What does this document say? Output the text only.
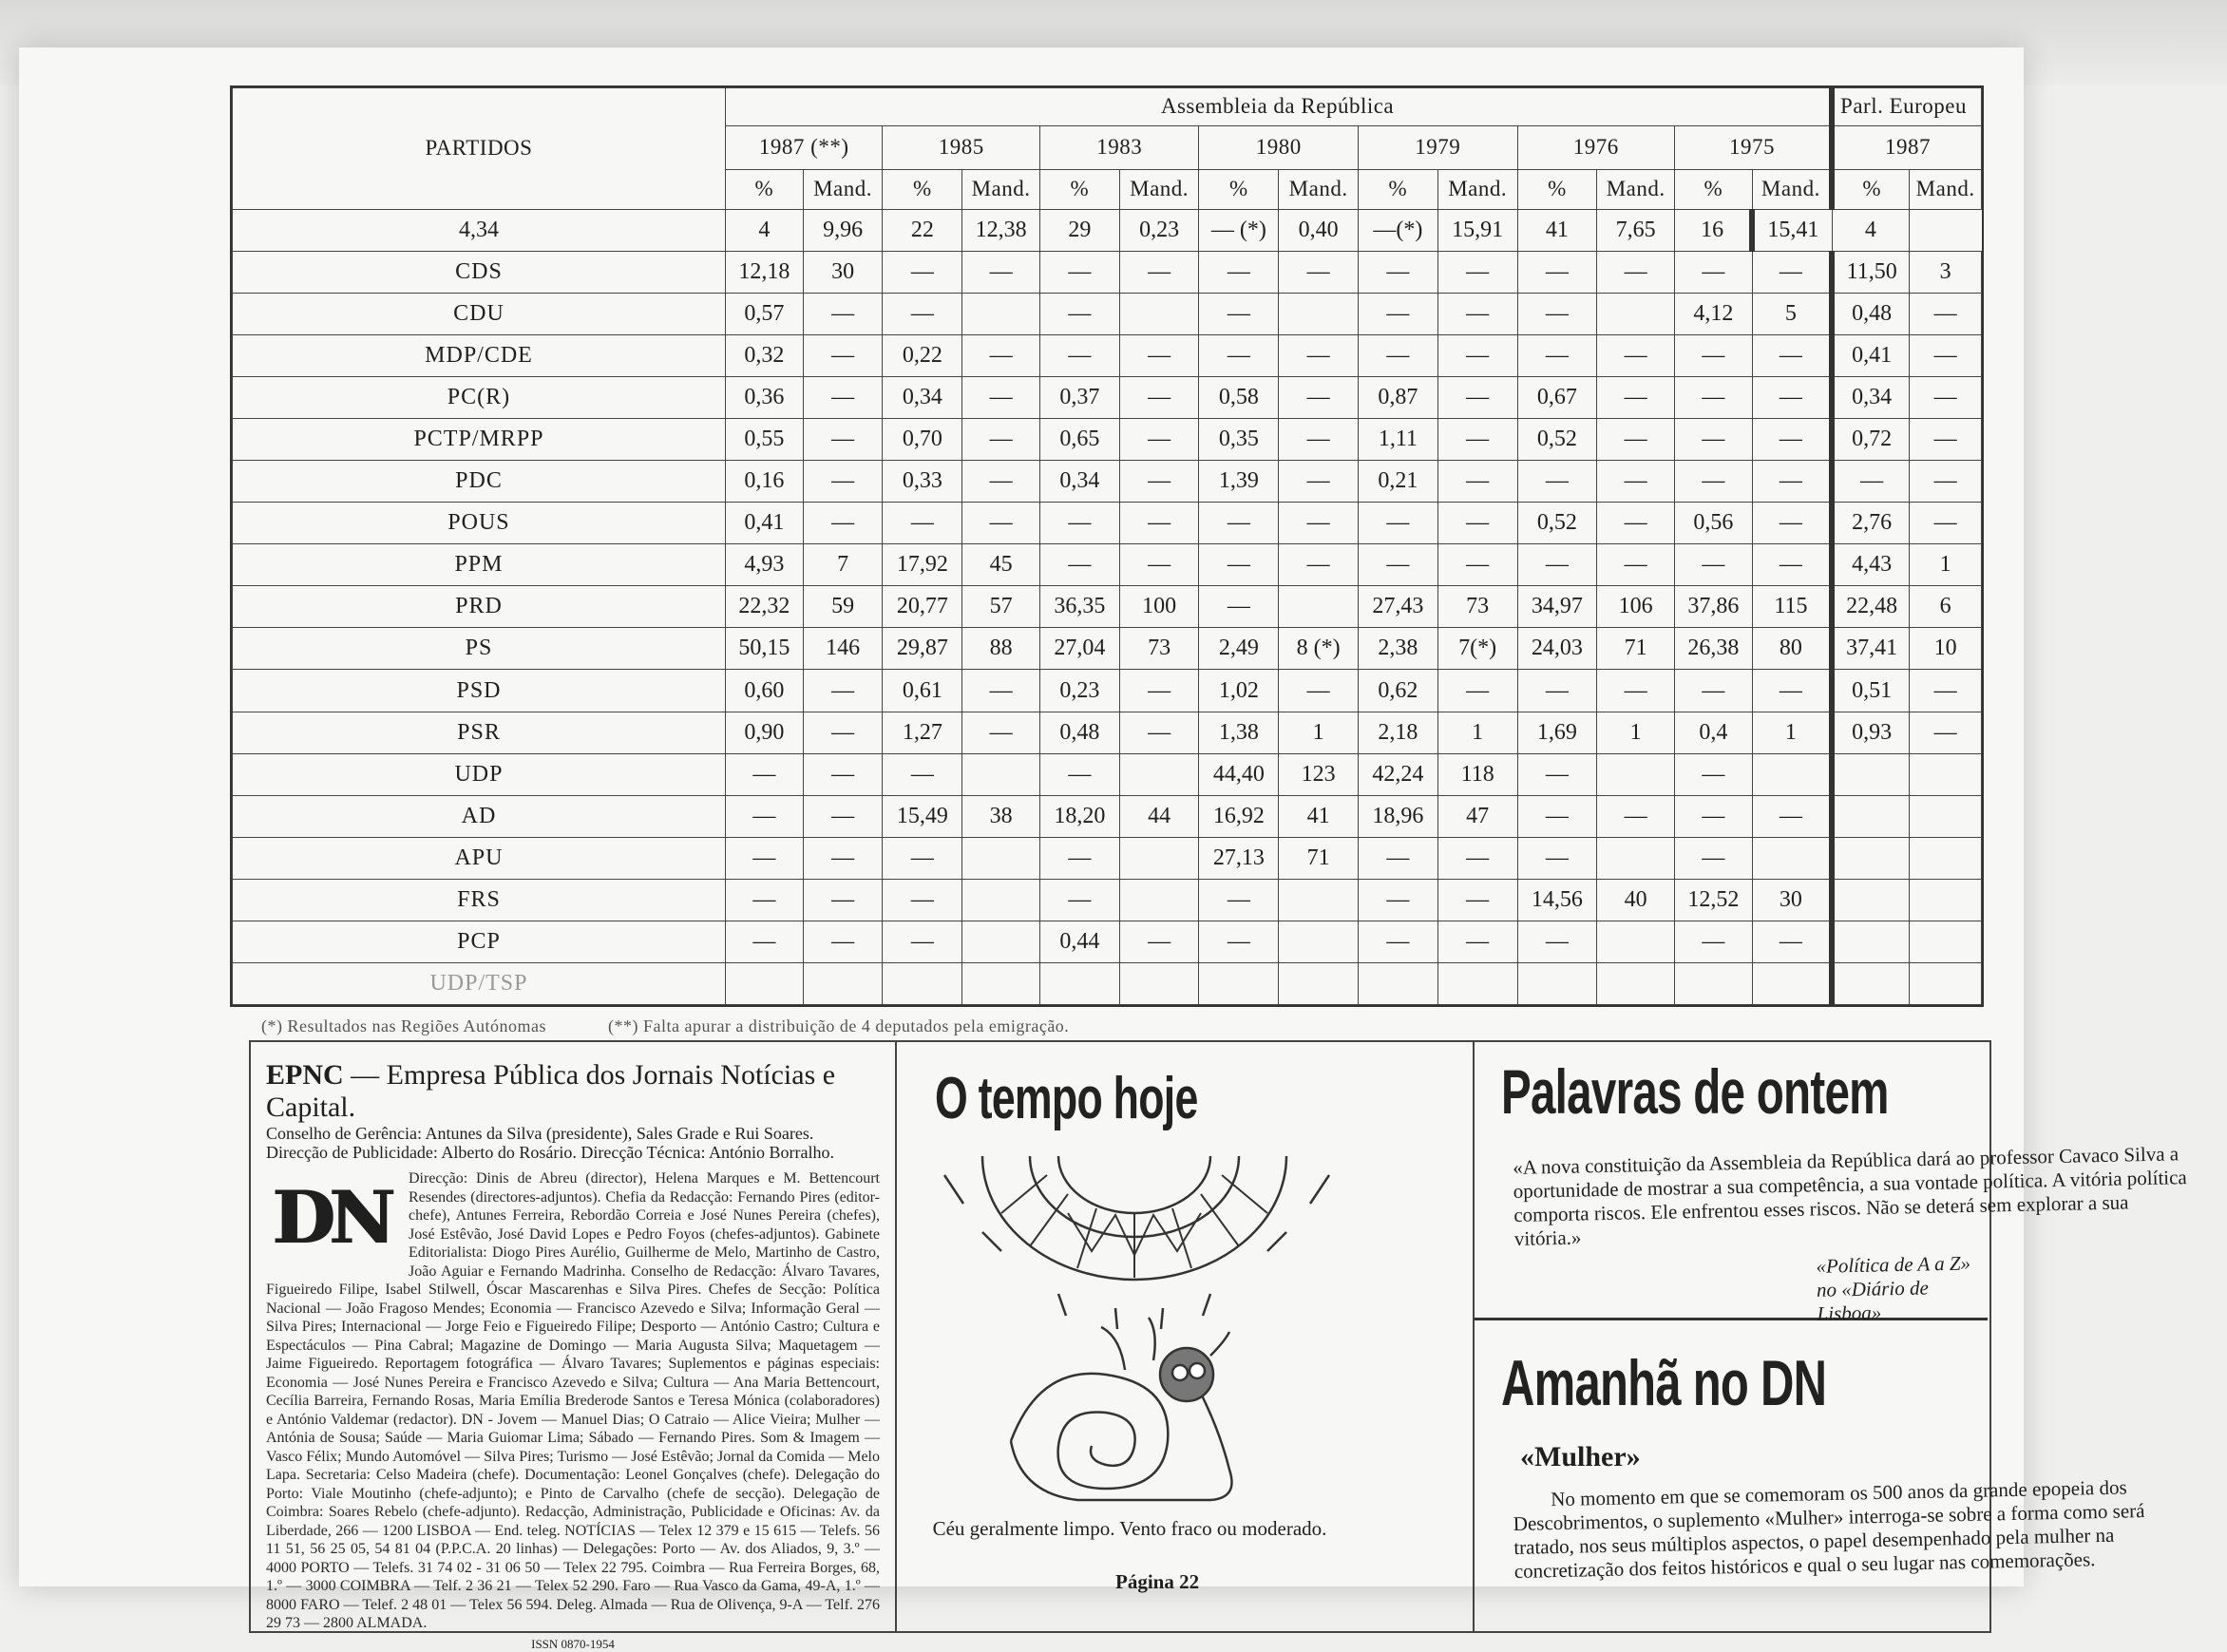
PARTIDOS	Assembleia da República														Parl. Europeu	
	1987 (**)		1985		1983		1980		1979		1976		1975		1987	
	%	Mand.	%	Mand.	%	Mand.	%	Mand.	%	Mand.	%	Mand.	%	Mand.	%	Mand.
4,34	4	9,96	22	12,38	29	0,23	— (*)	0,40	—(*)	15,91	41	7,65	16	15,41	4	
CDS	12,18	30	—	—	—	—	—	—	—	—	—	—	—	—	11,50	3
CDU	0,57	—	—		—		—		—	—	—		4,12	5	0,48	—
MDP/CDE	0,32	—	0,22	—	—	—	—	—	—	—	—	—	—	—	0,41	—
PC(R)	0,36	—	0,34	—	0,37	—	0,58	—	0,87	—	0,67	—	—	—	0,34	—
PCTP/MRPP	0,55	—	0,70	—	0,65	—	0,35	—	1,11	—	0,52	—	—	—	0,72	—
PDC	0,16	—	0,33	—	0,34	—	1,39	—	0,21	—	—	—	—	—	—	—
POUS	0,41	—	—	—	—	—	—	—	—	—	0,52	—	0,56	—	2,76	—
PPM	4,93	7	17,92	45	—	—	—	—	—	—	—	—	—	—	4,43	1
PRD	22,32	59	20,77	57	36,35	100	—		27,43	73	34,97	106	37,86	115	22,48	6
PS	50,15	146	29,87	88	27,04	73	2,49	8 (*)	2,38	7(*)	24,03	71	26,38	80	37,41	10
PSD	0,60	—	0,61	—	0,23	—	1,02	—	0,62	—	—	—	—	—	0,51	—
PSR	0,90	—	1,27	—	0,48	—	1,38	1	2,18	1	1,69	1	0,4	1	0,93	—
UDP	—	—	—		—		44,40	123	42,24	118	—		—			
AD	—	—	15,49	38	18,20	44	16,92	41	18,96	47	—	—	—	—		
APU	—	—	—		—		27,13	71	—	—	—		—			
FRS	—	—	—		—		—		—	—	14,56	40	12,52	30		
PCP	—	—	—		0,44	—	—		—	—	—		—	—		
UDP/TSP																
(*) Resultados nas Regiões Autónomas	(**) Falta apurar a distribuição de 4 deputados pela emigração.
EPNC — Empresa Pública dos Jornais Notícias e Capital.
Conselho de Gerência: Antunes da Silva (presidente), Sales Grade e Rui Soares.
Direcção de Publicidade: Alberto do Rosário. Direcção Técnica: António Borralho.
DN	Direcção: Dinis de Abreu (director), Helena Marques e M. Bettencourt Resendes (directores-adjuntos). Chefia da Redacção: Fernando Pires (editor-chefe), Antunes Ferreira, Rebordão Correia e José Nunes Pereira (chefes), José Estêvão, José David Lopes e Pedro Foyos (chefes-adjuntos). Gabinete Editorialista: Diogo Pires Aurélio, Guilherme de Melo, Martinho de Castro, João Aguiar e Fernando Madrinha. Conselho de Redacção: Álvaro Tavares, Figueiredo Filipe, Isabel Stilwell, Óscar Mascarenhas e Silva Pires. Chefes de Secção: Política Nacional — João Fragoso Mendes; Economia — Francisco Azevedo e Silva; Informação Geral — Silva Pires; Internacional — Jorge Feio e Figueiredo Filipe; Desporto — António Castro; Cultura e Espectáculos — Pina Cabral; Magazine de Domingo — Maria Augusta Silva; Maquetagem — Jaime Figueiredo. Reportagem fotográfica — Álvaro Tavares; Suplementos e páginas especiais: Economia — José Nunes Pereira e Francisco Azevedo e Silva; Cultura — Ana Maria Bettencourt, Cecília Barreira, Fernando Rosas, Maria Emília Brederode Santos e Teresa Mónica (colaboradores) e António Valdemar (redactor). DN - Jovem — Manuel Dias; O Catraio — Alice Vieira; Mulher — Antónia de Sousa; Saúde — Maria Guiomar Lima; Sábado — Fernando Pires. Som & Imagem — Vasco Félix; Mundo Automóvel — Silva Pires; Turismo — José Estêvão; Jornal da Comida — Melo Lapa. Secretaria: Celso Madeira (chefe). Documentação: Leonel Gonçalves (chefe). Delegação do Porto: Viale Moutinho (chefe-adjunto); e Pinto de Carvalho (chefe de secção). Delegação de Coimbra: Soares Rebelo (chefe-adjunto). Redacção, Administração, Publicidade e Oficinas: Av. da Liberdade, 266 — 1200 LISBOA — End. teleg. NOTÍCIAS — Telex 12 379 e 15 615 — Telefs. 56 11 51, 56 25 05, 54 81 04 (P.P.C.A. 20 linhas) — Delegações: Porto — Av. dos Aliados, 9, 3.º — 4000 PORTO — Telefs. 31 74 02 - 31 06 50 — Telex 22 795. Coimbra — Rua Ferreira Borges, 68, 1.º — 3000 COIMBRA — Telf. 2 36 21 — Telex 52 290. Faro — Rua Vasco da Gama, 49-A, 1.º — 8000 FARO — Telef. 2 48 01 — Telex 56 594. Deleg. Almada — Rua de Olivença, 9-A — Telf. 276 29 73 — 2800 ALMADA.
ISSN 0870-1954
O tempo hoje
Céu geralmente limpo. Vento fraco ou moderado.
Página 22
Palavras de ontem
«A nova constituição da Assembleia da República dará ao professor Cavaco Silva a oportunidade de mostrar a sua competência, a sua vontade política. A vitória política comporta riscos. Ele enfrentou esses riscos. Não se deterá sem explorar a sua vitória.»
«Política de A a Z» no «Diário de Lisboa»
Amanhã no DN
«Mulher»
No momento em que se comemoram os 500 anos da grande epopeia dos Descobrimentos, o suplemento «Mulher» interroga-se sobre a forma como será tratado, nos seus múltiplos aspectos, o papel desempenhado pela mulher na concretização dos feitos históricos e qual o seu lugar nas comemorações.
